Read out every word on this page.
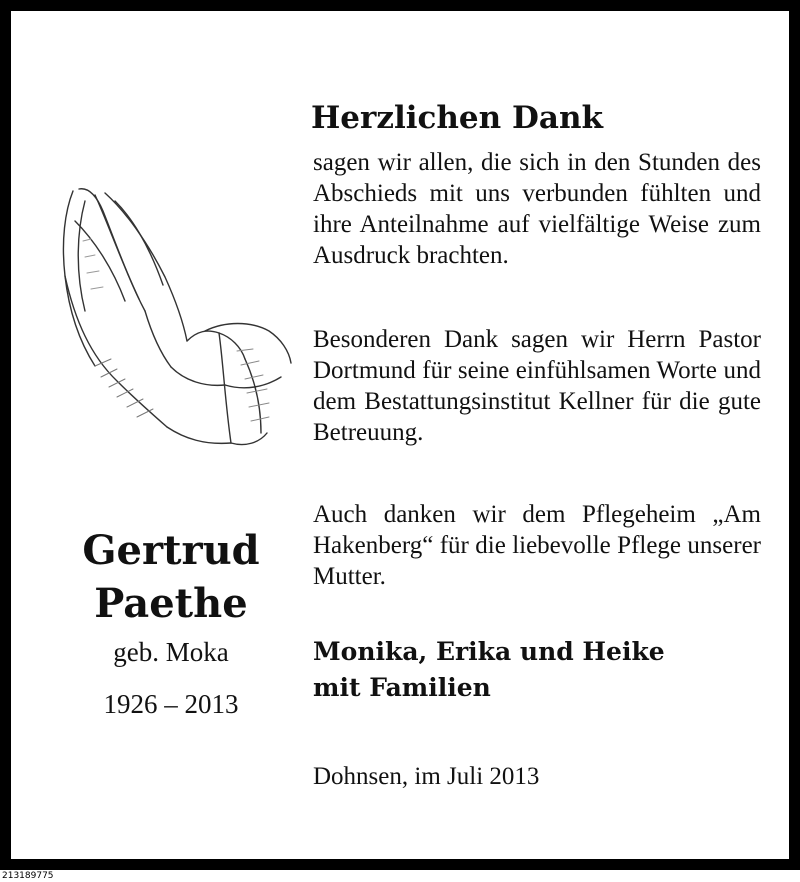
Herzlichen Dank

sagen wir allen, die sich in den Stunden des Abschieds mit uns verbunden fühlten und ihre Anteilnahme auf vielfältige Weise zum Ausdruck brachten.

Besonderen Dank sagen wir Herrn Pastor Dortmund für seine einfühlsamen Worte und dem Bestattungsinstitut Kellner für die gute Betreuung.

Auch danken wir dem Pflegeheim „Am Hakenberg“ für die liebevolle Pflege unserer Mutter.

Monika, Erika und Heike
mit Familien
Dohnsen, im Juli 2013
Gertrud
Paethe
geb. Moka
1926 – 2013
213189775
